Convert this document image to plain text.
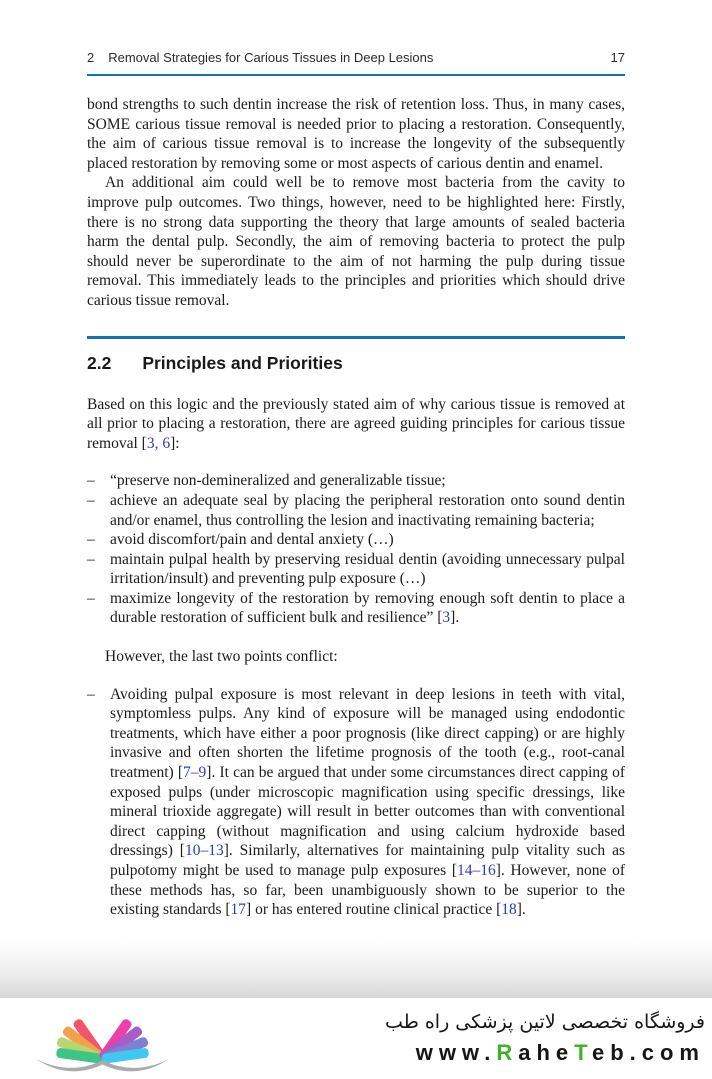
2 Removal Strategies for Carious Tissues in Deep Lesions	17

bond strengths to such dentin increase the risk of retention loss. Thus, in many cases, SOME carious tissue removal is needed prior to placing a restoration. Consequently, the aim of carious tissue removal is to increase the longevity of the subsequently placed restoration by removing some or most aspects of carious dentin and enamel.

An additional aim could well be to remove most bacteria from the cavity to improve pulp outcomes. Two things, however, need to be highlighted here: Firstly, there is no strong data supporting the theory that large amounts of sealed bacteria harm the dental pulp. Secondly, the aim of removing bacteria to protect the pulp should never be superordinate to the aim of not harming the pulp during tissue removal. This immediately leads to the principles and priorities which should drive carious tissue removal.

2.2 Principles and Priorities

Based on this logic and the previously stated aim of why carious tissue is removed at all prior to placing a restoration, there are agreed guiding principles for carious tissue removal [3, 6]:

– “preserve non-demineralized and generalizable tissue;
– achieve an adequate seal by placing the peripheral restoration onto sound dentin and/or enamel, thus controlling the lesion and inactivating remaining bacteria;
– avoid discomfort/pain and dental anxiety (…)
– maintain pulpal health by preserving residual dentin (avoiding unnecessary pulpal irritation/insult) and preventing pulp exposure (…)
– maximize longevity of the restoration by removing enough soft dentin to place a durable restoration of sufficient bulk and resilience” [3].

However, the last two points conflict:

– Avoiding pulpal exposure is most relevant in deep lesions in teeth with vital, symptomless pulps. Any kind of exposure will be managed using endodontic treatments, which have either a poor prognosis (like direct capping) or are highly invasive and often shorten the lifetime prognosis of the tooth (e.g., root-canal treatment) [7–9]. It can be argued that under some circumstances direct capping of exposed pulps (under microscopic magnification using specific dressings, like mineral trioxide aggregate) will result in better outcomes than with conventional direct capping (without magnification and using calcium hydroxide based dressings) [10–13]. Similarly, alternatives for maintaining pulp vitality such as pulpotomy might be used to manage pulp exposures [14–16]. However, none of these methods has, so far, been unambiguously shown to be superior to the existing standards [17] or has entered routine clinical practice [18].
فروشگاه تخصصی لاتین پزشکی راه طب
www.RaheTeb.com
